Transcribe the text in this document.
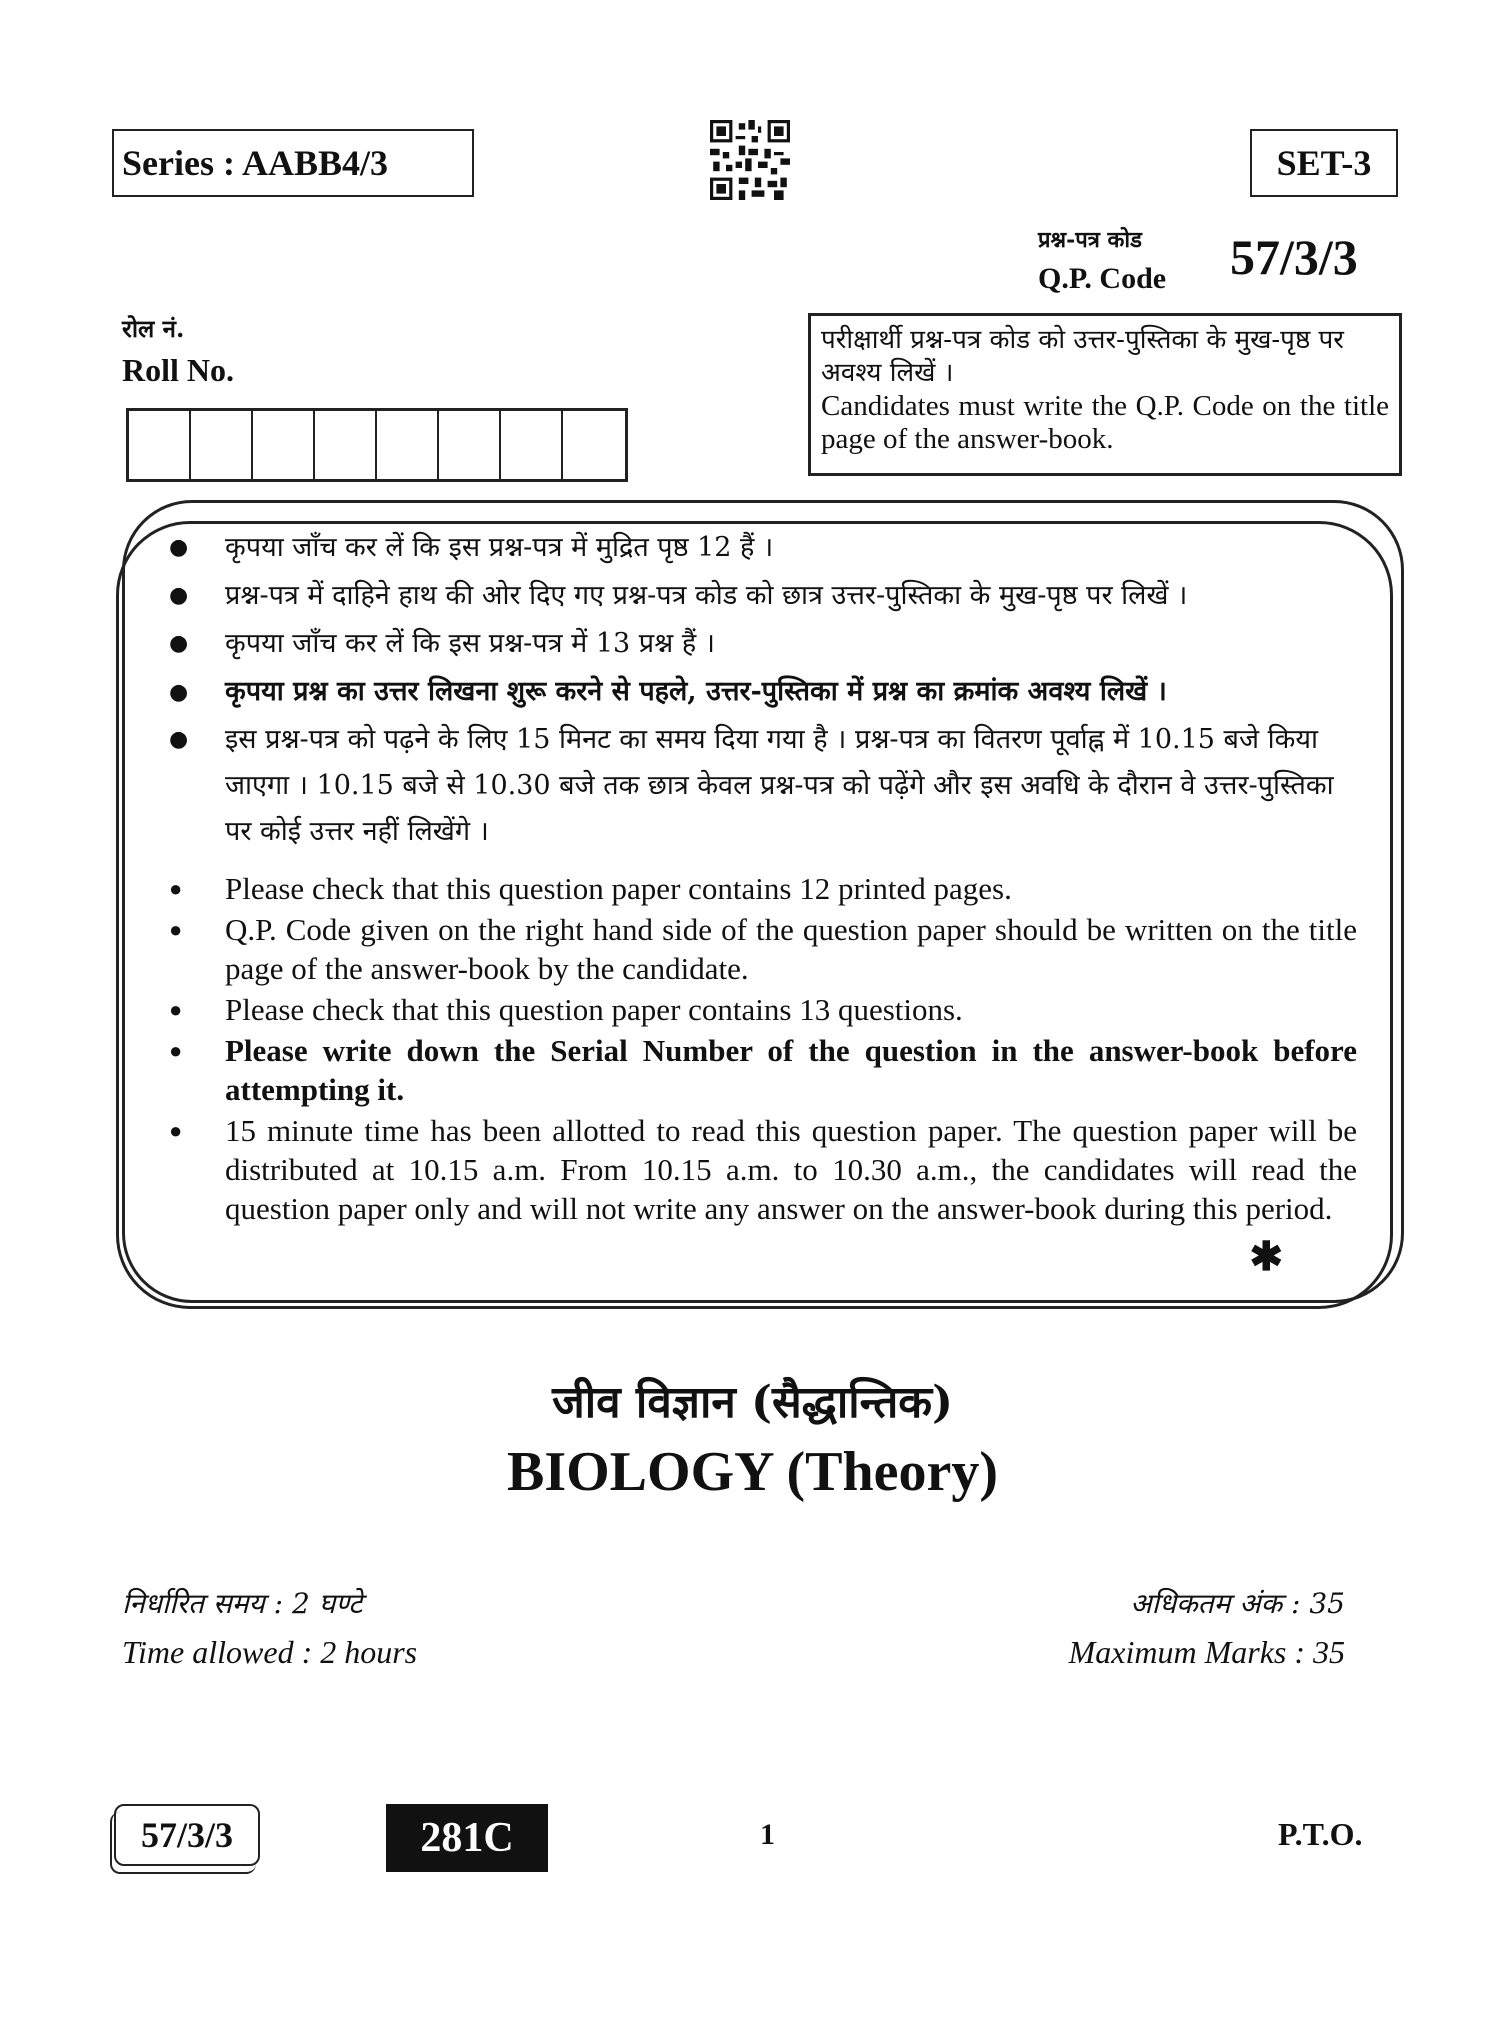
Series : AABB4/3	SET-3
प्रश्न-पत्र कोड
Q.P. Code 57/3/3
रोल नं.
Roll No.
परीक्षार्थी प्रश्न-पत्र कोड को उत्तर-पुस्तिका के मुख-पृष्ठ पर अवश्य लिखें ।
Candidates must write the Q.P. Code on the title page of the answer-book.
● कृपया जाँच कर लें कि इस प्रश्न-पत्र में मुद्रित पृष्ठ 12 हैं ।
● प्रश्न-पत्र में दाहिने हाथ की ओर दिए गए प्रश्न-पत्र कोड को छात्र उत्तर-पुस्तिका के मुख-पृष्ठ पर लिखें ।
● कृपया जाँच कर लें कि इस प्रश्न-पत्र में 13 प्रश्न हैं ।
● कृपया प्रश्न का उत्तर लिखना शुरू करने से पहले, उत्तर-पुस्तिका में प्रश्न का क्रमांक अवश्य लिखें ।
● इस प्रश्न-पत्र को पढ़ने के लिए 15 मिनट का समय दिया गया है । प्रश्न-पत्र का वितरण पूर्वाह्न में 10.15 बजे किया जाएगा । 10.15 बजे से 10.30 बजे तक छात्र केवल प्रश्न-पत्र को पढ़ेंगे और इस अवधि के दौरान वे उत्तर-पुस्तिका पर कोई उत्तर नहीं लिखेंगे ।
● Please check that this question paper contains 12 printed pages.
● Q.P. Code given on the right hand side of the question paper should be written on the title page of the answer-book by the candidate.
● Please check that this question paper contains 13 questions.
● Please write down the Serial Number of the question in the answer-book before attempting it.
● 15 minute time has been allotted to read this question paper. The question paper will be distributed at 10.15 a.m. From 10.15 a.m. to 10.30 a.m., the candidates will read the question paper only and will not write any answer on the answer-book during this period.
✱
जीव विज्ञान (सैद्धान्तिक)
BIOLOGY (Theory)
निर्धारित समय : 2 घण्टे
Time allowed : 2 hours
अधिकतम अंक : 35
Maximum Marks : 35
57/3/3	281C	1	P.T.O.
